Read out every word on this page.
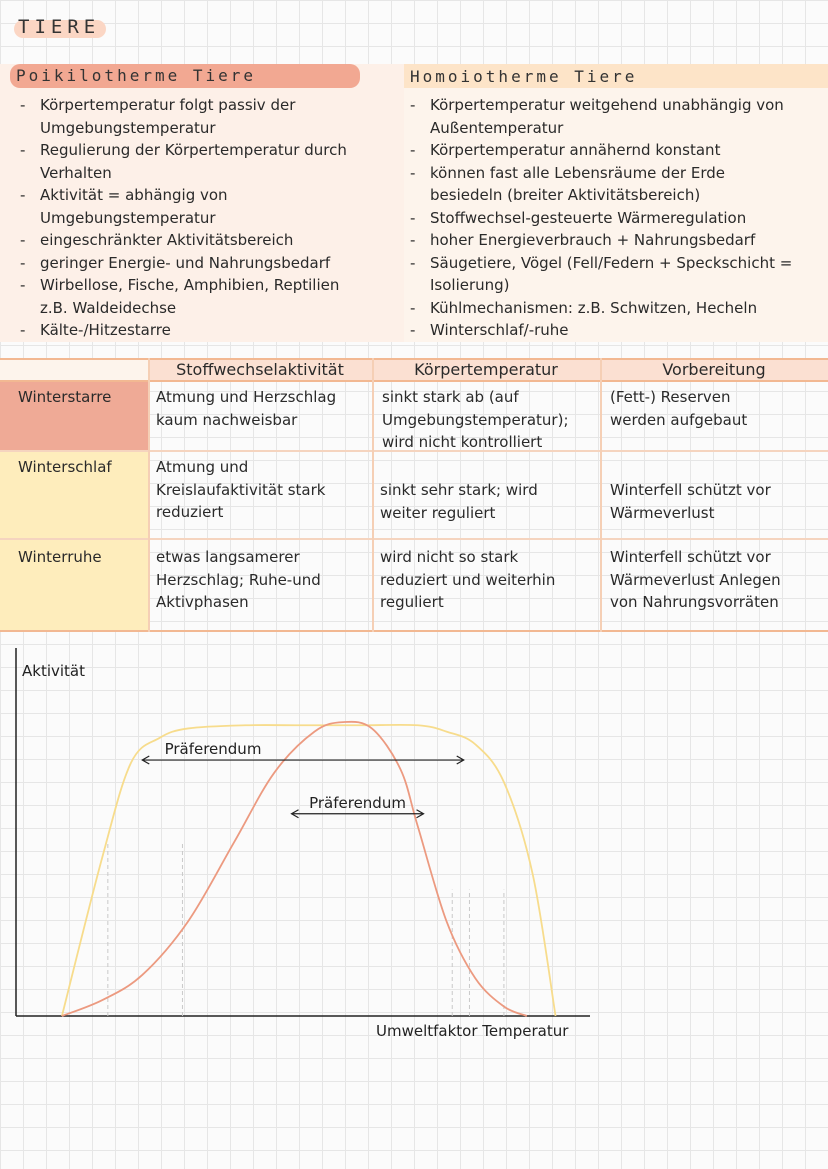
TIERE
Poikilotherme Tiere
- Körpertemperatur folgt passiv der Umgebungstemperatur
- Regulierung der Körpertemperatur durch Verhalten
- Aktivität = abhängig von Umgebungstemperatur
- eingeschränkter Aktivitätsbereich
- geringer Energie- und Nahrungsbedarf
- Wirbellose, Fische, Amphibien, Reptilien z.B. Waldeidechse
- Kälte-/Hitzestarre
Homoiotherme Tiere
- Körpertemperatur weitgehend unabhängig von Außentemperatur
- Körpertemperatur annähernd konstant
- können fast alle Lebensräume der Erde besiedeln (breiter Aktivitätsbereich)
- Stoffwechsel-gesteuerte Wärmeregulation
- hoher Energieverbrauch + Nahrungsbedarf
- Säugetiere, Vögel (Fell/Federn + Speckschicht = Isolierung)
- Kühlmechanismen: z.B. Schwitzen, Hecheln
- Winterschlaf/-ruhe
Stoffwechselaktivität	Körpertemperatur	Vorbereitung
Winterstarre	Atmung und Herzschlag kaum nachweisbar
sinkt stark ab (auf Umgebungstemperatur); wird nicht kontrolliert
(Fett-) Reserven werden aufgebaut
Winterschlaf	Atmung und Kreislaufaktivität stark reduziert
sinkt sehr stark; wird weiter reguliert
Winterfell schützt vor Wärmeverlust
Winterruhe	etwas langsamerer Herzschlag; Ruhe-und Aktivphasen
wird nicht so stark reduziert und weiterhin reguliert
Winterfell schützt vor Wärmeverlust Anlegen von Nahrungsvorräten
Aktivität
Umweltfaktor Temperatur
Präferendum
Präferendum
